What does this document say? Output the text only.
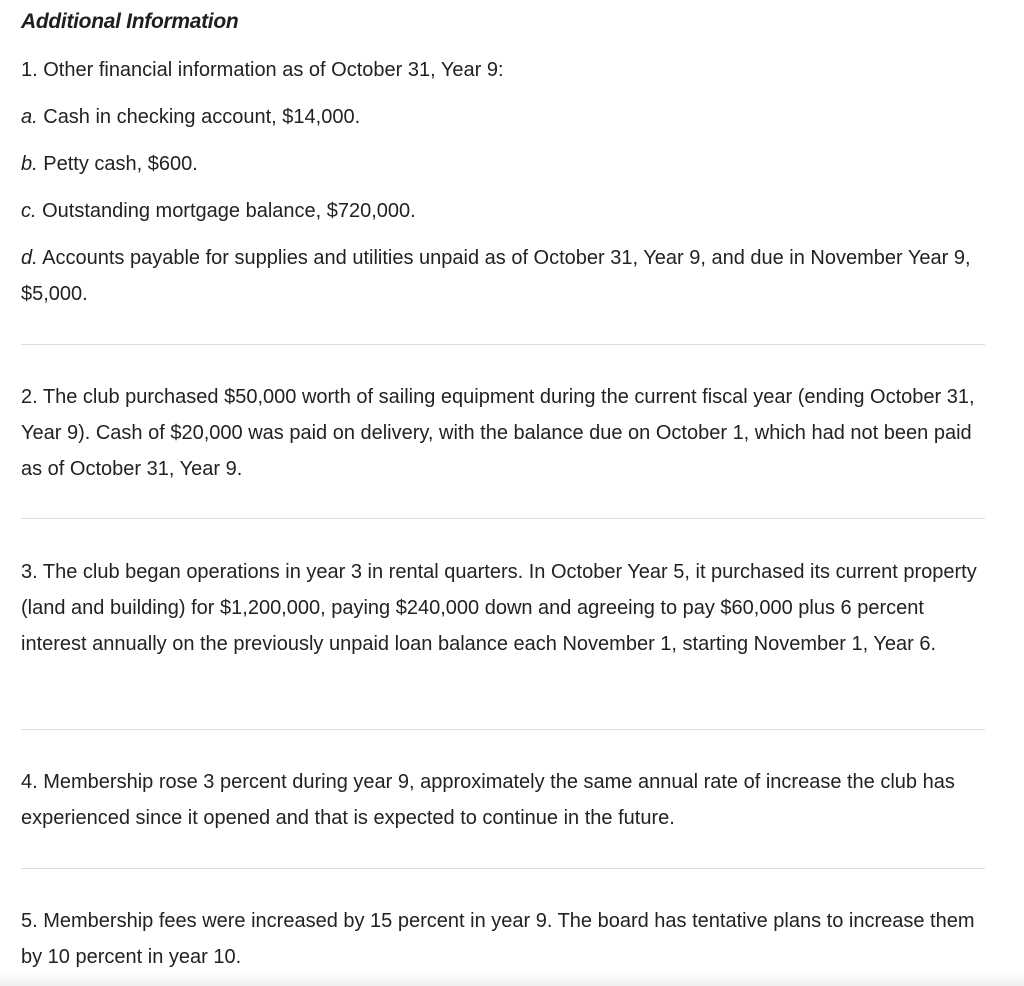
Additional Information
1. Other financial information as of October 31, Year 9:
a. Cash in checking account, $14,000.
b. Petty cash, $600.
c. Outstanding mortgage balance, $720,000.
d. Accounts payable for supplies and utilities unpaid as of October 31, Year 9, and due in November Year 9, $5,000.
2. The club purchased $50,000 worth of sailing equipment during the current fiscal year (ending October 31, Year 9). Cash of $20,000 was paid on delivery, with the balance due on October 1, which had not been paid as of October 31, Year 9.
3. The club began operations in year 3 in rental quarters. In October Year 5, it purchased its current property (land and building) for $1,200,000, paying $240,000 down and agreeing to pay $60,000 plus 6 percent interest annually on the previously unpaid loan balance each November 1, starting November 1, Year 6.
4. Membership rose 3 percent during year 9, approximately the same annual rate of increase the club has experienced since it opened and that is expected to continue in the future.
5. Membership fees were increased by 15 percent in year 9. The board has tentative plans to increase them by 10 percent in year 10.
